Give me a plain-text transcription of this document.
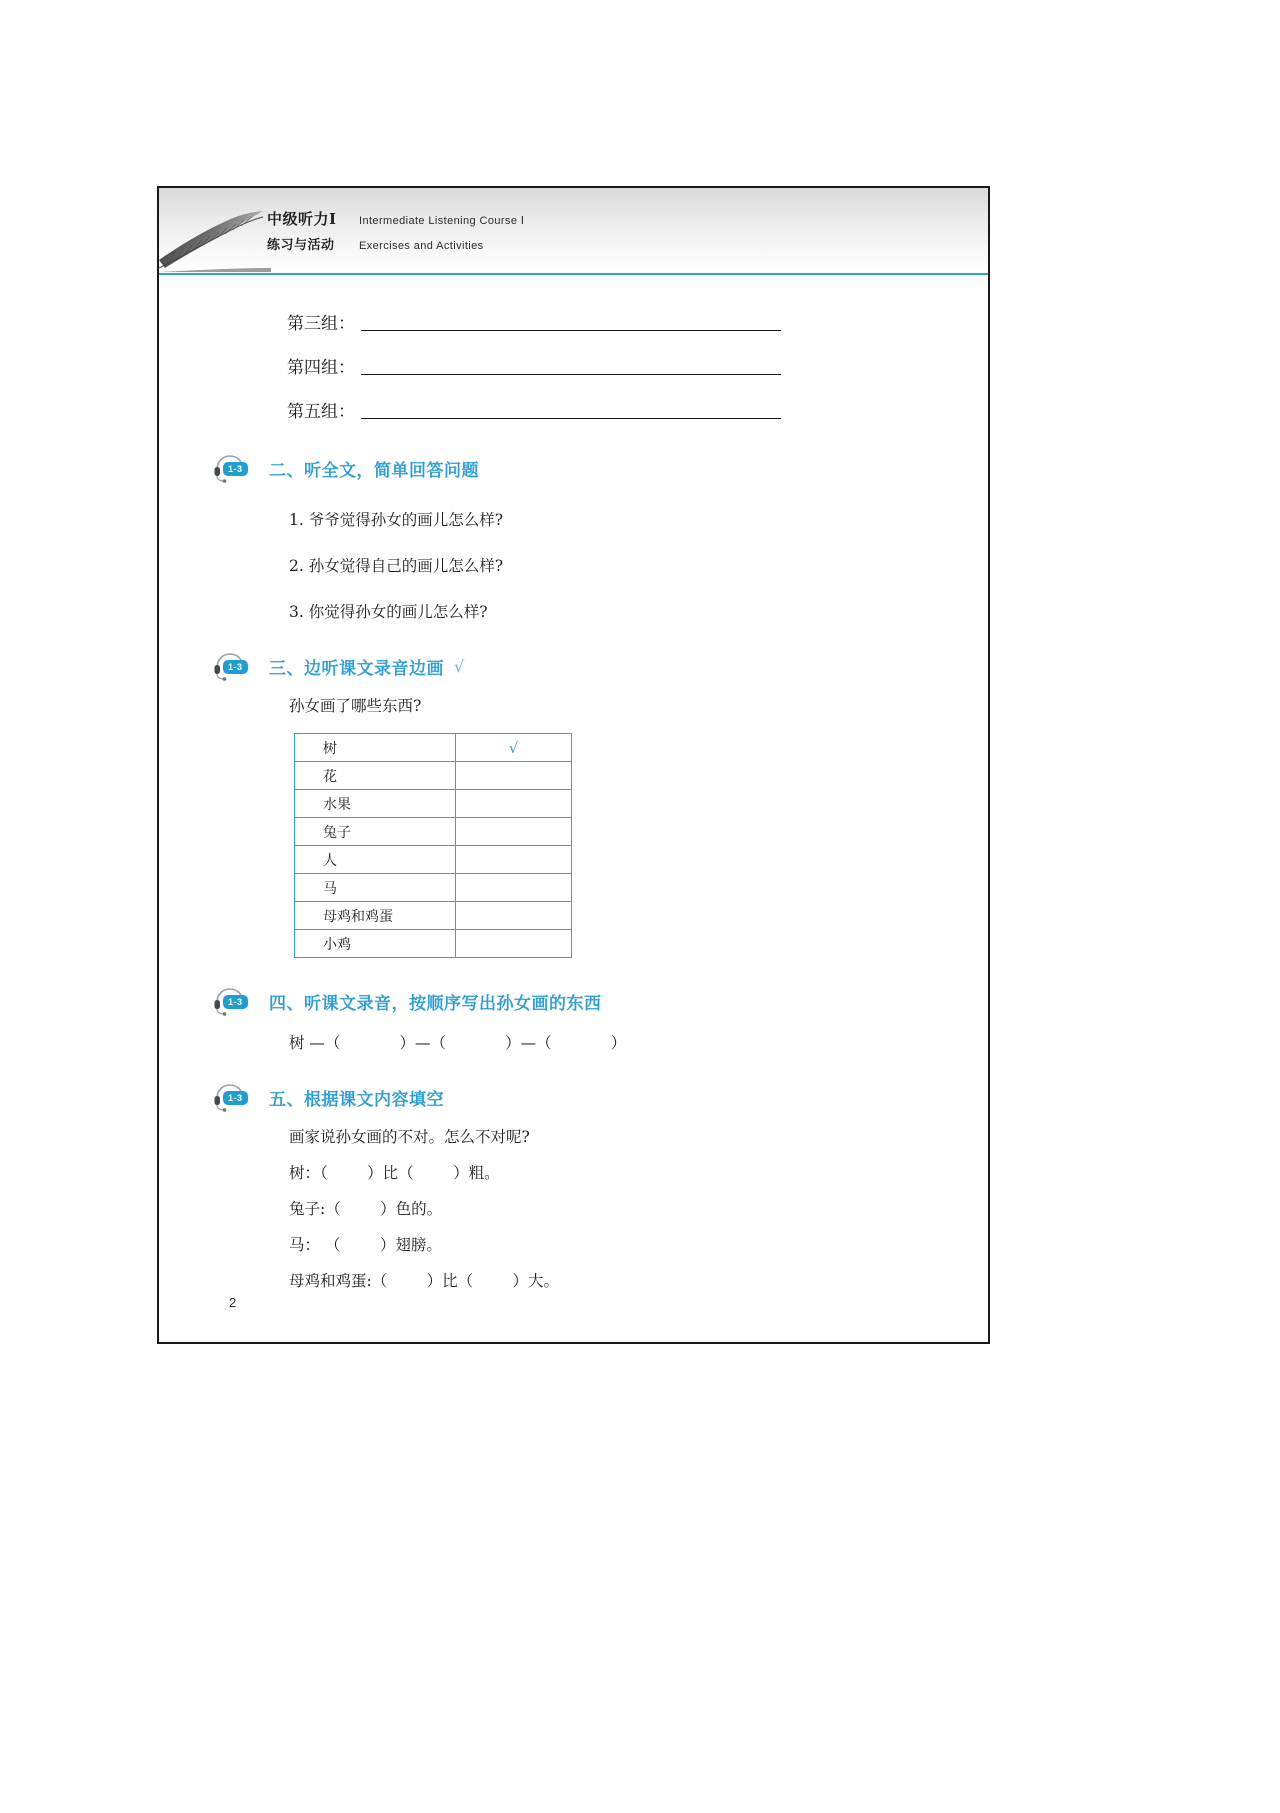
中级听力Ⅰ	Intermediate Listening Course Ⅰ
练习与活动	Exercises and Activities
第三组：
第四组：
第五组：
1-3 二、听全文，简单回答问题
1. 爷爷觉得孙女的画儿怎么样?
2. 孙女觉得自己的画儿怎么样?
3. 你觉得孙女的画儿怎么样?
1-3 三、边听课文录音边画 √
孙女画了哪些东西?
树	√
花	
水果	
兔子	
人	
马	
母鸡和鸡蛋	
小鸡	
1-3 四、听课文录音，按顺序写出孙女画的东西
树 —（            ）—（            ）—（            ）
1-3 五、根据课文内容填空
画家说孙女画的不对。怎么不对呢?
树：（        ）比（        ）粗。
兔子:（        ）色的。
马： （        ）翅膀。
母鸡和鸡蛋:（        ）比（        ）大。
2
